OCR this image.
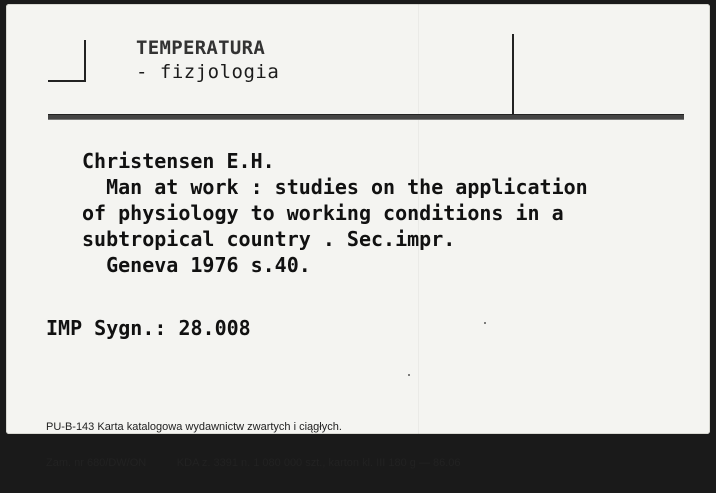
TEMPERATURA
- fizjologia
Christensen E.H.
Man at work : studies on the application
of physiology to working conditions in a
subtropical country . Sec.impr.
Geneva 1976 s.40.
IMP Sygn.: 28.008

PU-B-143 Karta katalogowa wydawnictw zwartych i ciągłych.

Zam. nr 680/DW/ON          KDA z. 3391 n. 1 080 000 szt., karton kl. III 180 g — 86.06
